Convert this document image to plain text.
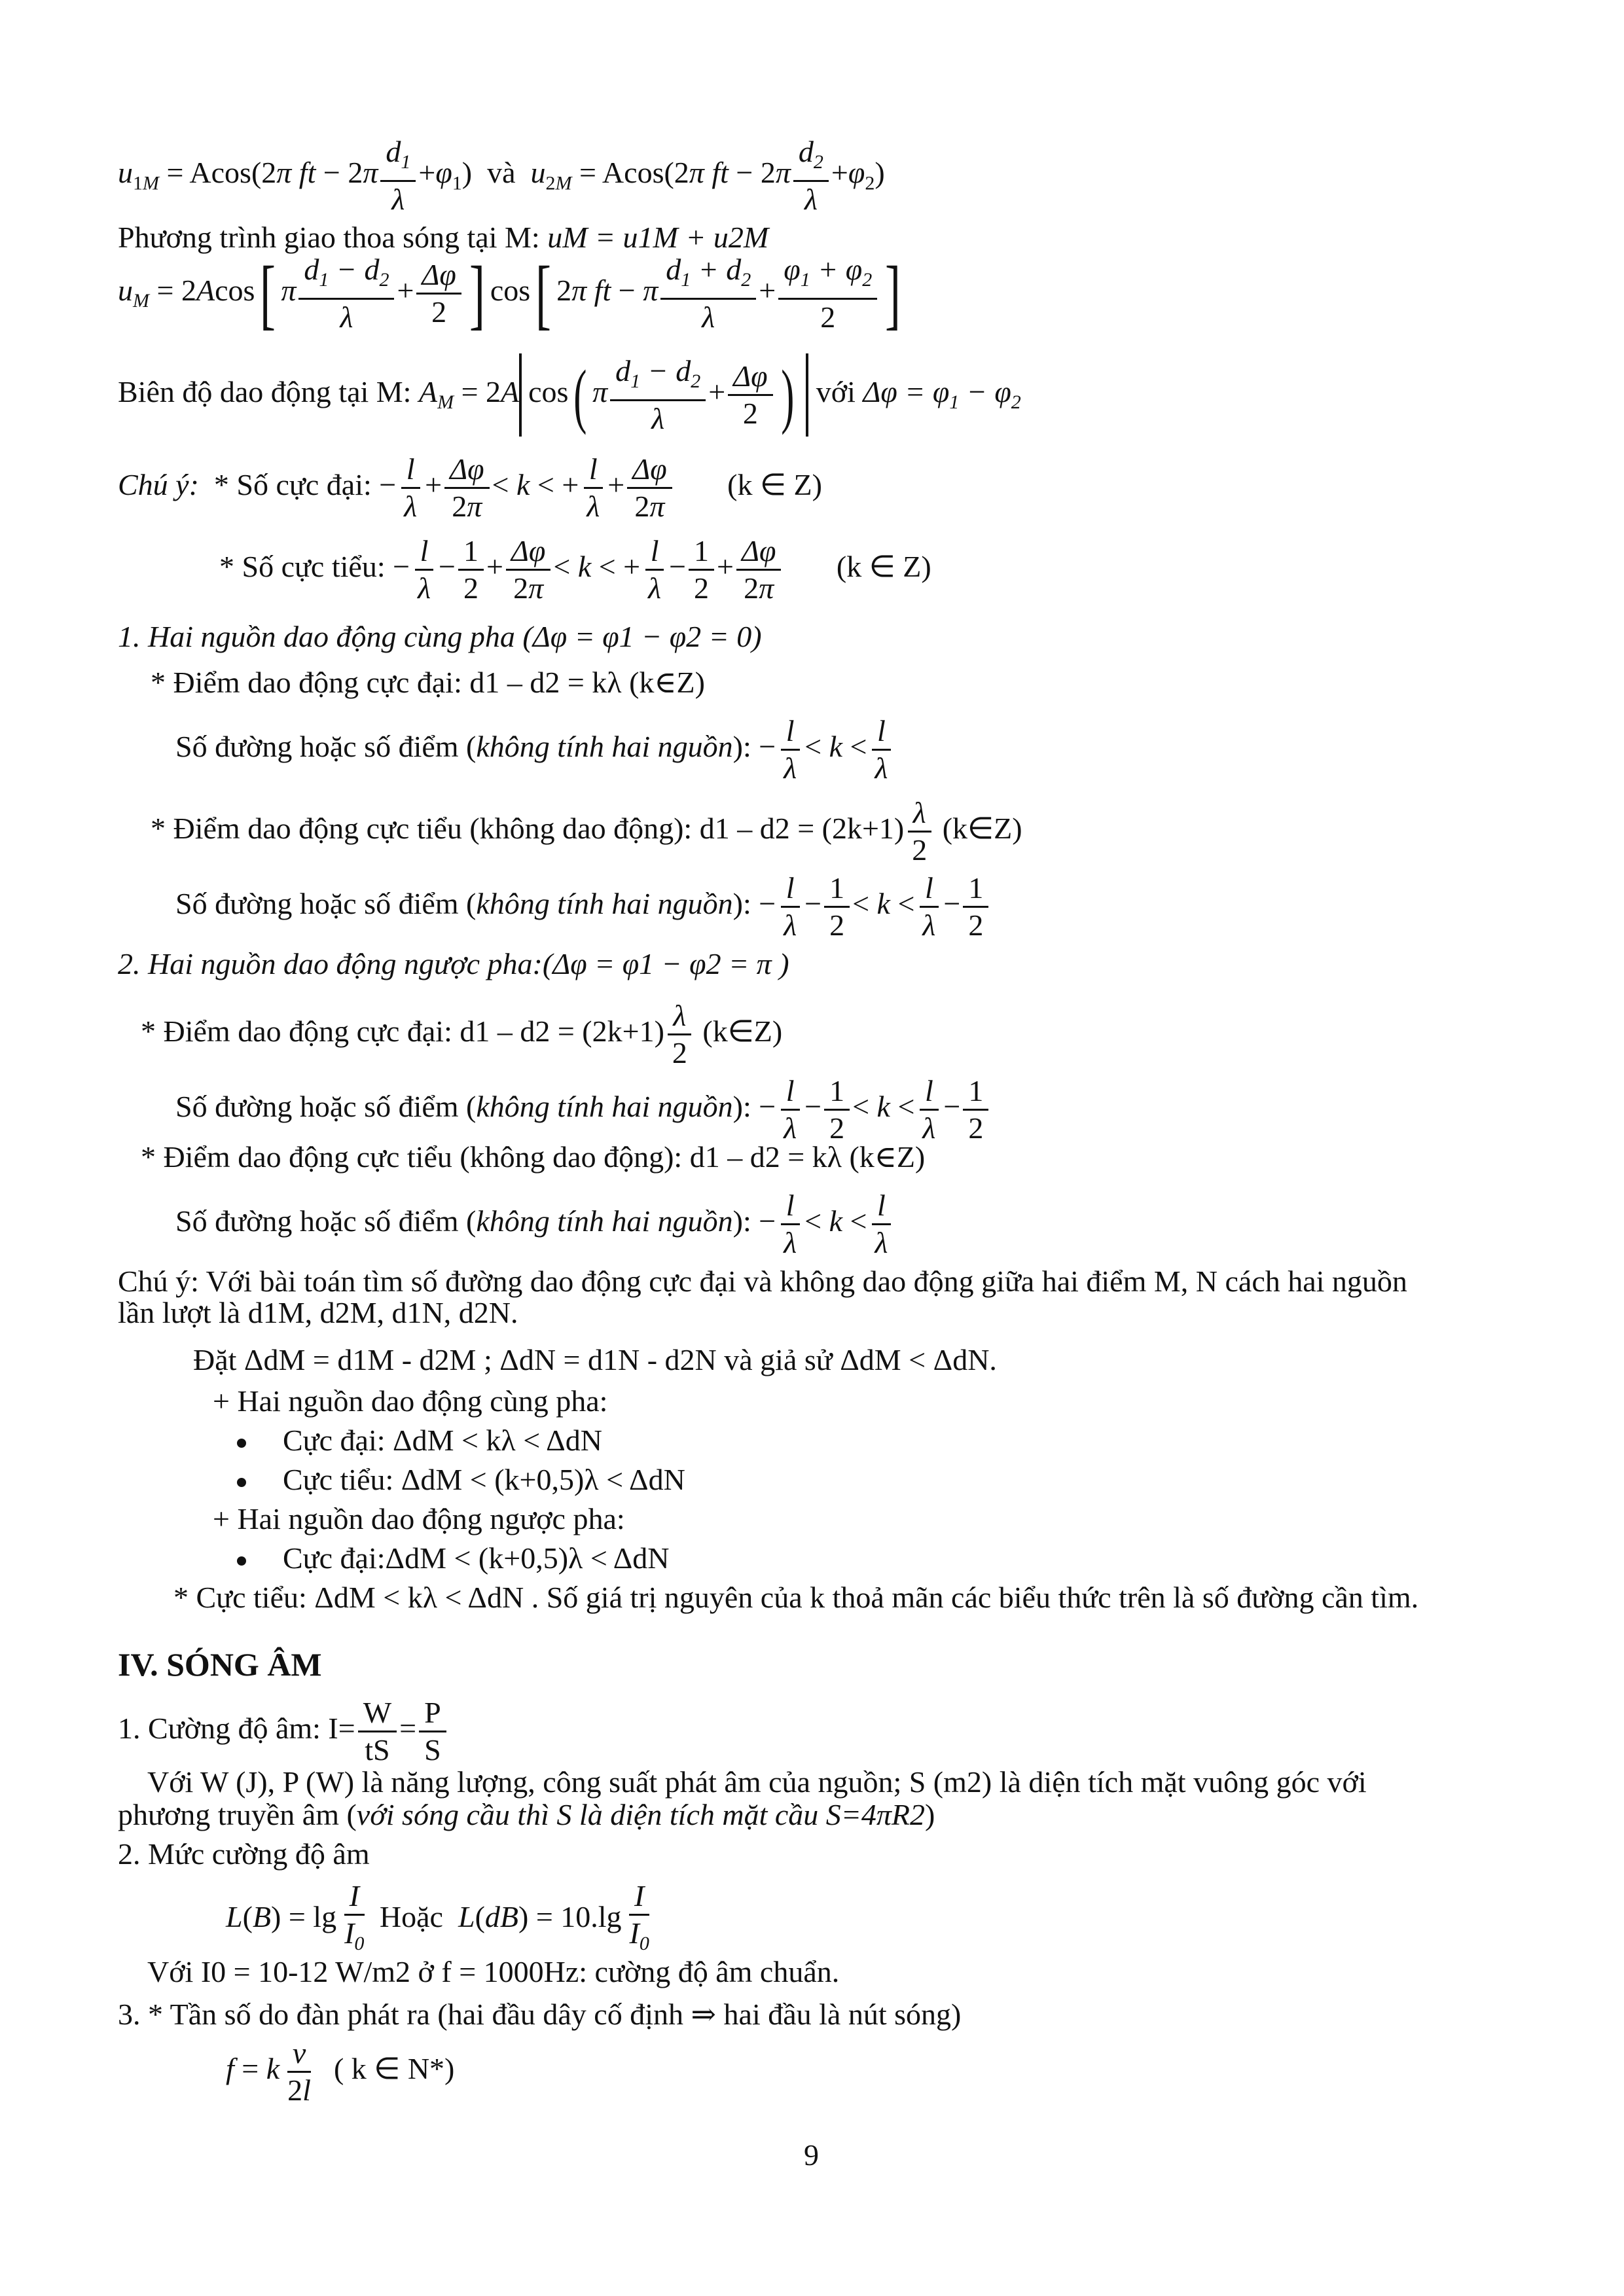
$u_{1M} = Acos(2\pi$ ft − $2\pi \frac{d_1}{\lambda} +\varphi_1$)  và $u_{2M} = Acos(2\pi$ ft − $2\pi \frac{d_2}{\lambda} +\varphi_2$)
Phương trình giao thoa sóng tại M: uM = u1M + u2M
$u_M = 2Acos$[ π $\frac{d_1 - d_2}{\lambda} + \frac{\Delta\varphi}{2}$ ] cos[ 2π ft − π $\frac{d_1 + d_2}{\lambda} + \frac{\varphi_1 + \varphi_2}{2}$ ]
Biên độ dao động tại M: $A_M = 2A$ cos( π $\frac{d_1 - d_2}{\lambda} + \frac{\Delta\varphi}{2}$ ) với $\Delta\varphi = \varphi_1 - \varphi_2$
Chú ý: * Số cực đại: − $\frac{l}{\lambda} + \frac{\Delta\varphi}{2\pi} < k$ < + $\frac{l}{\lambda} + \frac{\Delta\varphi}{2\pi} (k$ ∈ Z)
* Số cực tiểu: − $\frac{l}{\lambda} - \frac{1}{2} + \frac{\Delta\varphi}{2\pi} < k$ < + $\frac{l}{\lambda} - \frac{1}{2} + \frac{\Delta\varphi}{2\pi} (k$ ∈ Z)
1. Hai nguồn dao động cùng pha (Δφ = φ1 − φ2 = 0)
* Điểm dao động cực đại: d1 – d2 = kλ (k∈Z)
Số đường hoặc số điểm (không tính hai nguồn): − $\frac{l}{\lambda} < k < \frac{l}{\lambda}$
* Điểm dao động cực tiểu (không dao động): $d1 - d2 = (2k+1) \frac{\lambda}{2}$ (k∈Z)
Số đường hoặc số điểm (không tính hai nguồn): − $\frac{l}{\lambda} - \frac{1}{2} < k < \frac{l}{\lambda} - \frac{1}{2}$
2. Hai nguồn dao động ngược pha:(Δφ = φ1 − φ2 = π )
* Điểm dao động cực đại: $d1 - d2 = (2k+1) \frac{\lambda}{2}$ (k∈Z)
Số đường hoặc số điểm (không tính hai nguồn): − $\frac{l}{\lambda} - \frac{1}{2} < k < \frac{l}{\lambda} - \frac{1}{2}$
* Điểm dao động cực tiểu (không dao động): d1 – d2 = kλ (k∈Z)
Số đường hoặc số điểm (không tính hai nguồn): − $\frac{l}{\lambda} < k < \frac{l}{\lambda}$
Chú ý: Với bài toán tìm số đường dao động cực đại và không dao động giữa hai điểm M, N cách hai nguồn
lần lượt là d1M, d2M, d1N, d2N.
Đặt ΔdM = d1M - d2M ; ΔdN = d1N - d2N và giả sử ΔdM < ΔdN.
+ Hai nguồn dao động cùng pha:
Cực đại: ΔdM < kλ < ΔdN
Cực tiểu: ΔdM < (k+0,5)λ < ΔdN
+ Hai nguồn dao động ngược pha:
Cực đại:ΔdM < (k+0,5)λ < ΔdN
* Cực tiểu: ΔdM < kλ < ΔdN . Số giá trị nguyên của k thoả mãn các biểu thức trên là số đường cần tìm.
IV. SÓNG ÂM
1. Cường độ âm: $I= \frac{W}{tS} = \frac{P}{S}$
Với W (J), P (W) là năng lượng, công suất phát âm của nguồn; S (m2) là diện tích mặt vuông góc với
phương truyền âm (với sóng cầu thì S là diện tích mặt cầu S=4πR2)
2. Mức cường độ âm
$L(B) = \lg \frac{I}{I_0}$ Hoặc $L(dB) = 10.\lg \frac{I}{I_0}$
Với I0 = 10-12 W/m2 ở f = 1000Hz: cường độ âm chuẩn.
3. * Tần số do đàn phát ra (hai đầu dây cố định ⇒ hai đầu là nút sóng)
f = k $\frac{v}{2l}$ ( k ∈ N*)
9
